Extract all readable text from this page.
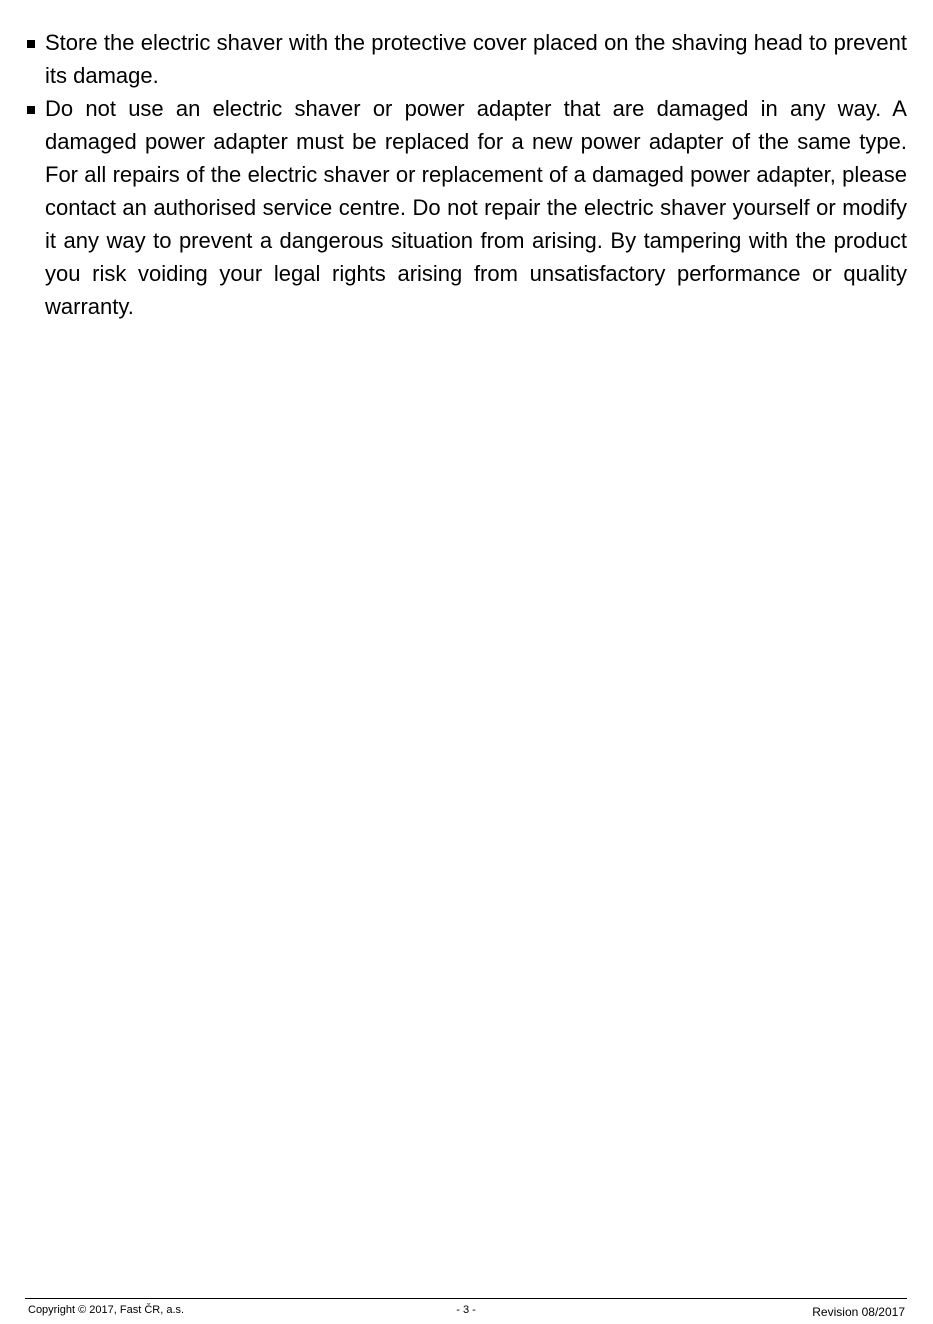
Store the electric shaver with the protective cover placed on the shaving head to prevent its damage.
Do not use an electric shaver or power adapter that are damaged in any way. A damaged power adapter must be replaced for a new power adapter of the same type. For all repairs of the electric shaver or replacement of a damaged power adapter, please contact an authorised service centre. Do not repair the electric shaver yourself or modify it any way to prevent a dangerous situation from arising. By tampering with the product you risk voiding your legal rights arising from unsatisfactory performance or quality warranty.
Copyright © 2017, Fast ČR, a.s.	- 3 -	Revision 08/2017
